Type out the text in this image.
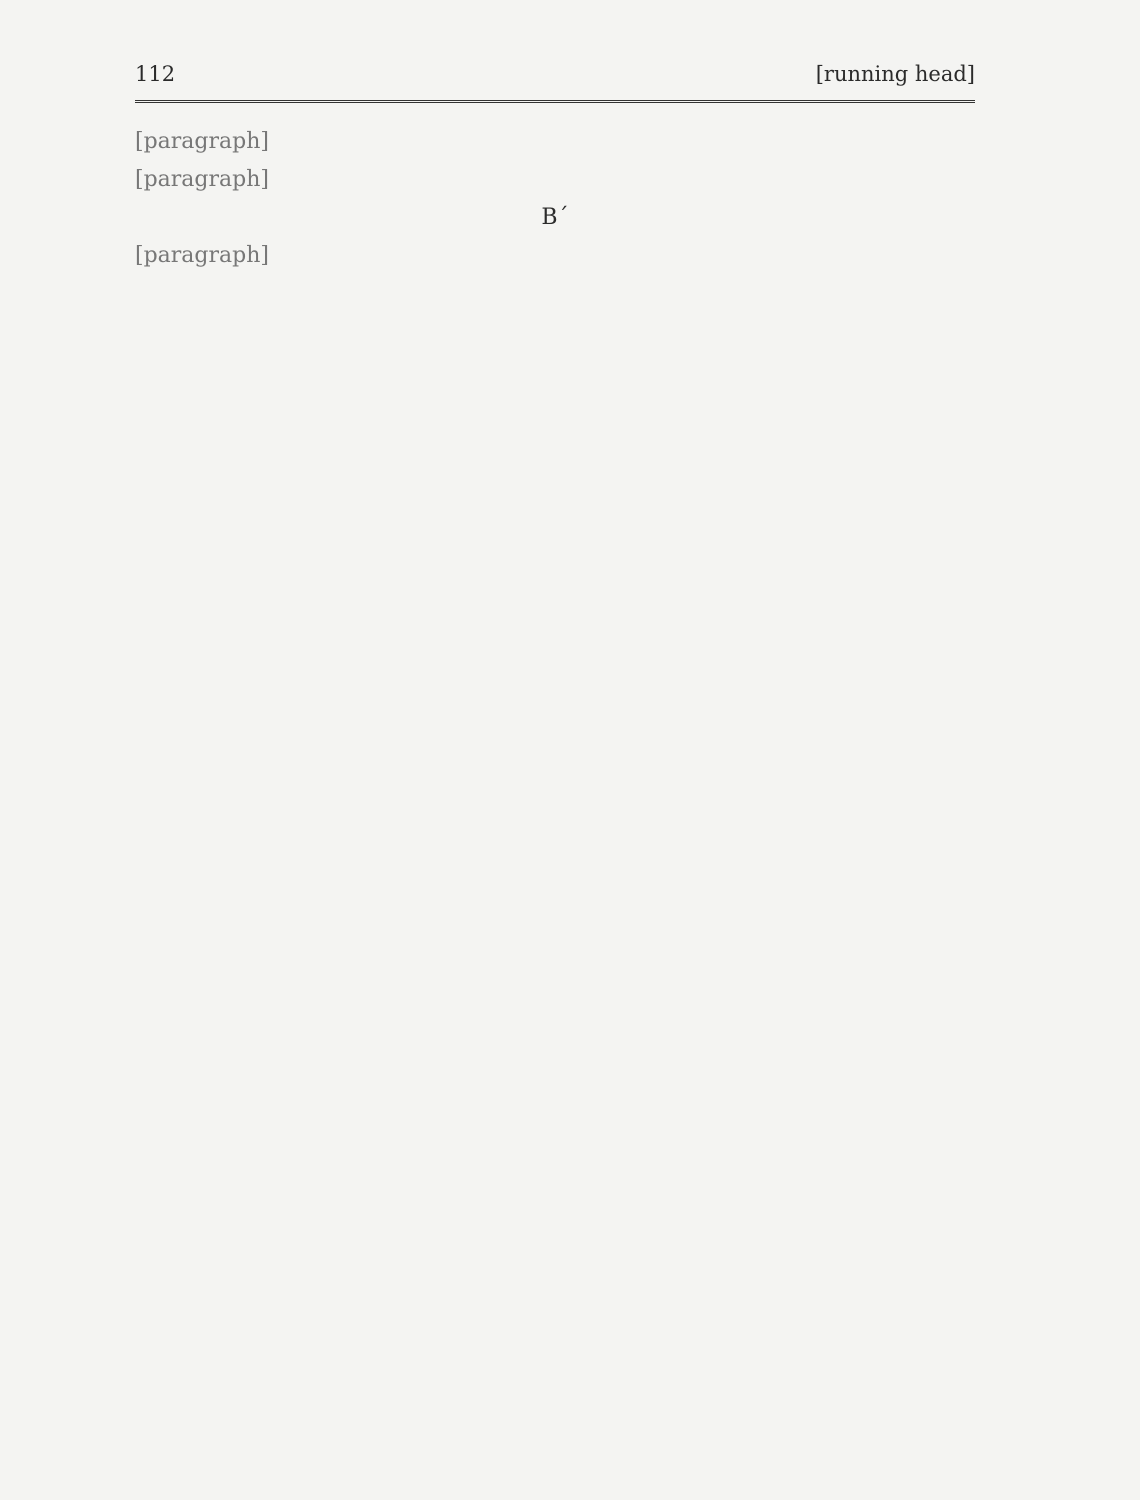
112	[running head]

[paragraph]

[paragraph]

Β΄

[paragraph]
